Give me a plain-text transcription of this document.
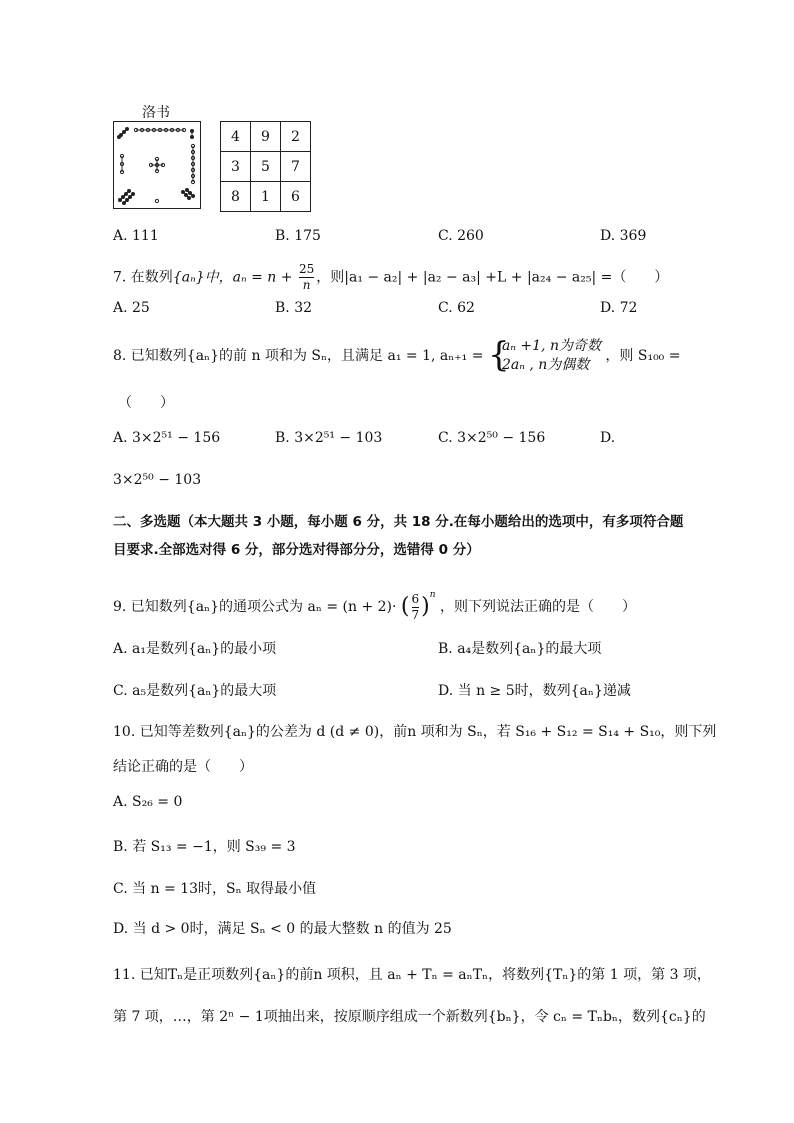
洛书
4	9	2
3	5	7
8	1	6
A. 111	B. 175	C. 260	D. 369
7. 在数列{aₙ}中，$a_n = n + \frac{25}{n}$ ，则|a₁ − a₂| + |a₂ − a₃| +L + |a₂₄ − a₂₅| =（　　）
A. 25	B. 32	C. 62	D. 72
8. 已知数列{aₙ}的前 n 项和为 Sₙ，且满足 a₁ = 1, aₙ₊₁ = {
aₙ +1, n为奇数
2aₙ , n为偶数
，则 S₁₀₀ =
（　　）
A. 3×2⁵¹ − 156	B. 3×2⁵¹ − 103	C. 3×2⁵⁰ − 156	D.
3×2⁵⁰ − 103
二、多选题（本大题共 3 小题，每小题 6 分，共 18 分.在每小题给出的选项中，有多项符合题
目要求.全部选对得 6 分，部分选对得部分分，选错得 0 分）
9. 已知数列{aₙ}的通项公式为 aₙ = (n + 2)· ( $\frac{6}{7} )^n$ ，则下列说法正确的是（　　）
A. a₁是数列{aₙ}的最小项	B. a₄是数列{aₙ}的最大项
C. a₅是数列{aₙ}的最大项	D. 当 n ≥ 5时，数列{aₙ}递减
10. 已知等差数列{aₙ}的公差为 d (d ≠ 0)，前n 项和为 Sₙ，若 S₁₆ + S₁₂ = S₁₄ + S₁₀，则下列
结论正确的是（　　）
A. S₂₆ = 0
B. 若 S₁₃ = −1，则 S₃₉ = 3
C. 当 n = 13时，Sₙ 取得最小值
D. 当 d > 0时，满足 Sₙ < 0 的最大整数 n 的值为 25
11. 已知Tₙ是正项数列{aₙ}的前n 项积，且 aₙ + Tₙ = aₙTₙ，将数列{Tₙ}的第 1 项，第 3 项，
第 7 项，…，第 2ⁿ − 1项抽出来，按原顺序组成一个新数列{bₙ}，令 cₙ = Tₙbₙ，数列{cₙ}的
